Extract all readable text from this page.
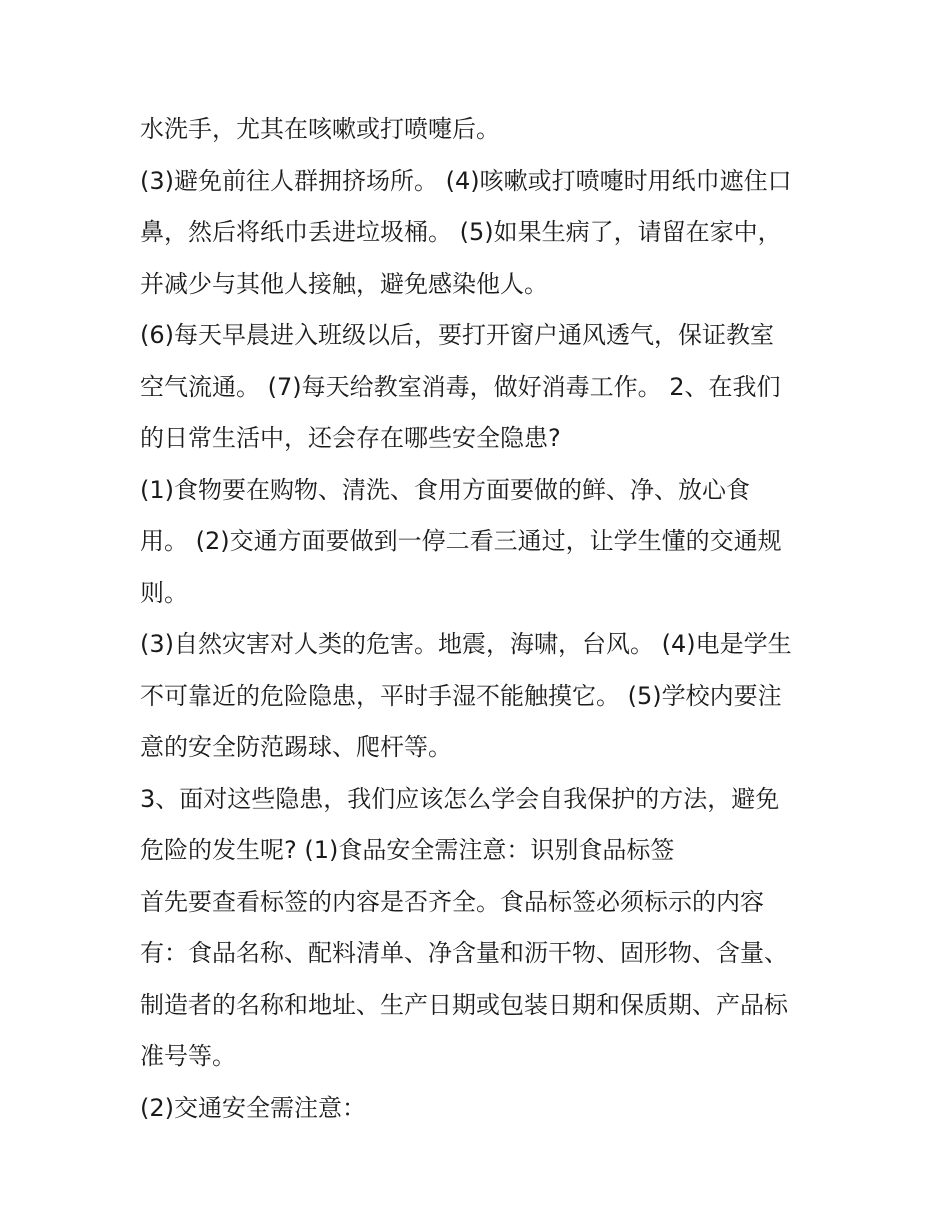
水洗手，尤其在咳嗽或打喷嚏后。
(3)避免前往人群拥挤场所。 (4)咳嗽或打喷嚏时用纸巾遮住口
鼻，然后将纸巾丢进垃圾桶。 (5)如果生病了，请留在家中，
并减少与其他人接触，避免感染他人。
(6)每天早晨进入班级以后，要打开窗户通风透气，保证教室
空气流通。 (7)每天给教室消毒，做好消毒工作。 2、在我们
的日常生活中，还会存在哪些安全隐患?
(1)食物要在购物、清洗、食用方面要做的鲜、净、放心食
用。 (2)交通方面要做到一停二看三通过，让学生懂的交通规
则。
(3)自然灾害对人类的危害。地震，海啸，台风。 (4)电是学生
不可靠近的危险隐患，平时手湿不能触摸它。 (5)学校内要注
意的安全防范踢球、爬杆等。
3、面对这些隐患，我们应该怎么学会自我保护的方法，避免
危险的发生呢? (1)食品安全需注意：识别食品标签
首先要查看标签的内容是否齐全。食品标签必须标示的内容
有：食品名称、配料清单、净含量和沥干物、固形物、含量、
制造者的名称和地址、生产日期或包装日期和保质期、产品标
准号等。
(2)交通安全需注意：
